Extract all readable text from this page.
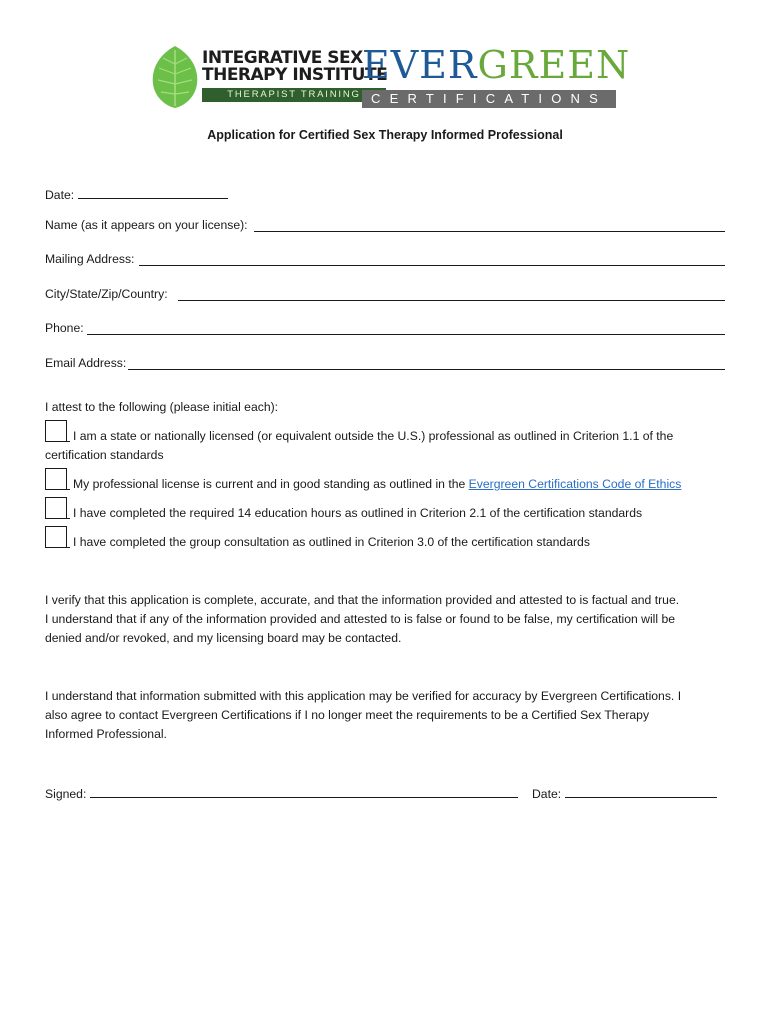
INTEGRATIVE SEX
THERAPY INSTITUTE
THERAPIST TRAINING
EVERGREEN
CERTIFICATIONS
Application for Certified Sex Therapy Informed Professional
Date:
Name (as it appears on your license):
Mailing Address:
City/State/Zip/Country:
Phone:
Email Address:
I attest to the following (please initial each):
I am a state or nationally licensed (or equivalent outside the U.S.) professional as outlined in Criterion 1.1 of the
certification standards
My professional license is current and in good standing as outlined in the Evergreen Certifications Code of Ethics
I have completed the required 14 education hours as outlined in Criterion 2.1 of the certification standards
I have completed the group consultation as outlined in Criterion 3.0 of the certification standards
I verify that this application is complete, accurate, and that the information provided and attested to is factual and true.
I understand that if any of the information provided and attested to is false or found to be false, my certification will be
denied and/or revoked, and my licensing board may be contacted.
I understand that information submitted with this application may be verified for accuracy by Evergreen Certifications. I
also agree to contact Evergreen Certifications if I no longer meet the requirements to be a Certified Sex Therapy
Informed Professional.
Signed:	Date:
